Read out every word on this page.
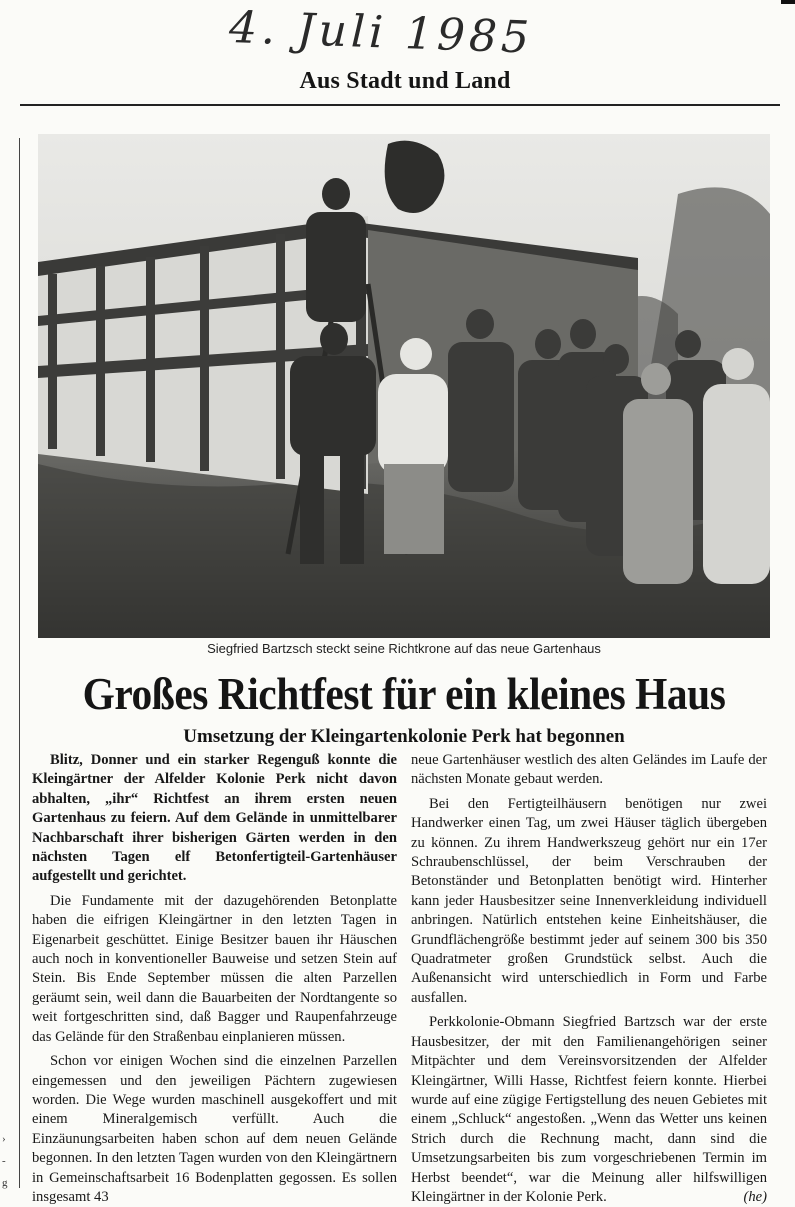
4. Juli 1985
Aus Stadt und Land
Siegfried Bartzsch steckt seine Richtkrone auf das neue Gartenhaus
Großes Richtfest für ein kleines Haus
Umsetzung der Kleingartenkolonie Perk hat begonnen

Blitz, Donner und ein starker Regenguß konnte die Kleingärtner der Alfelder Kolonie Perk nicht davon abhalten, „ihr“ Richtfest an ihrem ersten neuen Gartenhaus zu feiern. Auf dem Gelände in unmittelbarer Nachbarschaft ihrer bisherigen Gärten werden in den nächsten Tagen elf Betonfertigteil-Gartenhäuser aufgestellt und gerichtet.

Die Fundamente mit der dazugehörenden Betonplatte haben die eifrigen Kleingärtner in den letzten Tagen in Eigenarbeit geschüttet. Einige Besitzer bauen ihr Häuschen auch noch in konventioneller Bauweise und setzen Stein auf Stein. Bis Ende September müssen die alten Parzellen geräumt sein, weil dann die Bauarbeiten der Nordtangente so weit fortgeschritten sind, daß Bagger und Raupenfahrzeuge das Gelände für den Straßenbau einplanieren müssen.

Schon vor einigen Wochen sind die einzelnen Parzellen eingemessen und den jeweiligen Pächtern zugewiesen worden. Die Wege wurden maschinell ausgekoffert und mit einem Mineralgemisch verfüllt. Auch die Einzäunungsarbeiten haben schon auf dem neuen Gelände begonnen. In den letzten Tagen wurden von den Kleingärtnern in Gemeinschaftsarbeit 16 Bodenplatten gegossen. Es sollen insgesamt 43

neue Gartenhäuser westlich des alten Geländes im Laufe der nächsten Monate gebaut werden.

Bei den Fertigteilhäusern benötigen nur zwei Handwerker einen Tag, um zwei Häuser täglich übergeben zu können. Zu ihrem Handwerkszeug gehört nur ein 17er Schraubenschlüssel, der beim Verschrauben der Betonständer und Betonplatten benötigt wird. Hinterher kann jeder Hausbesitzer seine Innenverkleidung individuell anbringen. Natürlich entstehen keine Einheitshäuser, die Grundflächengröße bestimmt jeder auf seinem 300 bis 350 Quadratmeter großen Grundstück selbst. Auch die Außenansicht wird unterschiedlich in Form und Farbe ausfallen.

Perkkolonie-Obmann Siegfried Bartzsch war der erste Hausbesitzer, der mit den Familienangehörigen seiner Mitpächter und dem Vereinsvorsitzenden der Alfelder Kleingärtner, Willi Hasse, Richtfest feiern konnte. Hierbei wurde auf eine zügige Fertigstellung des neuen Gebietes mit einem „Schluck“ angestoßen. „Wenn das Wetter uns keinen Strich durch die Rechnung macht, dann sind die Umsetzungsarbeiten bis zum vorgeschriebenen Termin im Herbst beendet“, war die Meinung aller hilfswilligen Kleingärtner in der Kolonie Perk.	(he)

›
-
g
